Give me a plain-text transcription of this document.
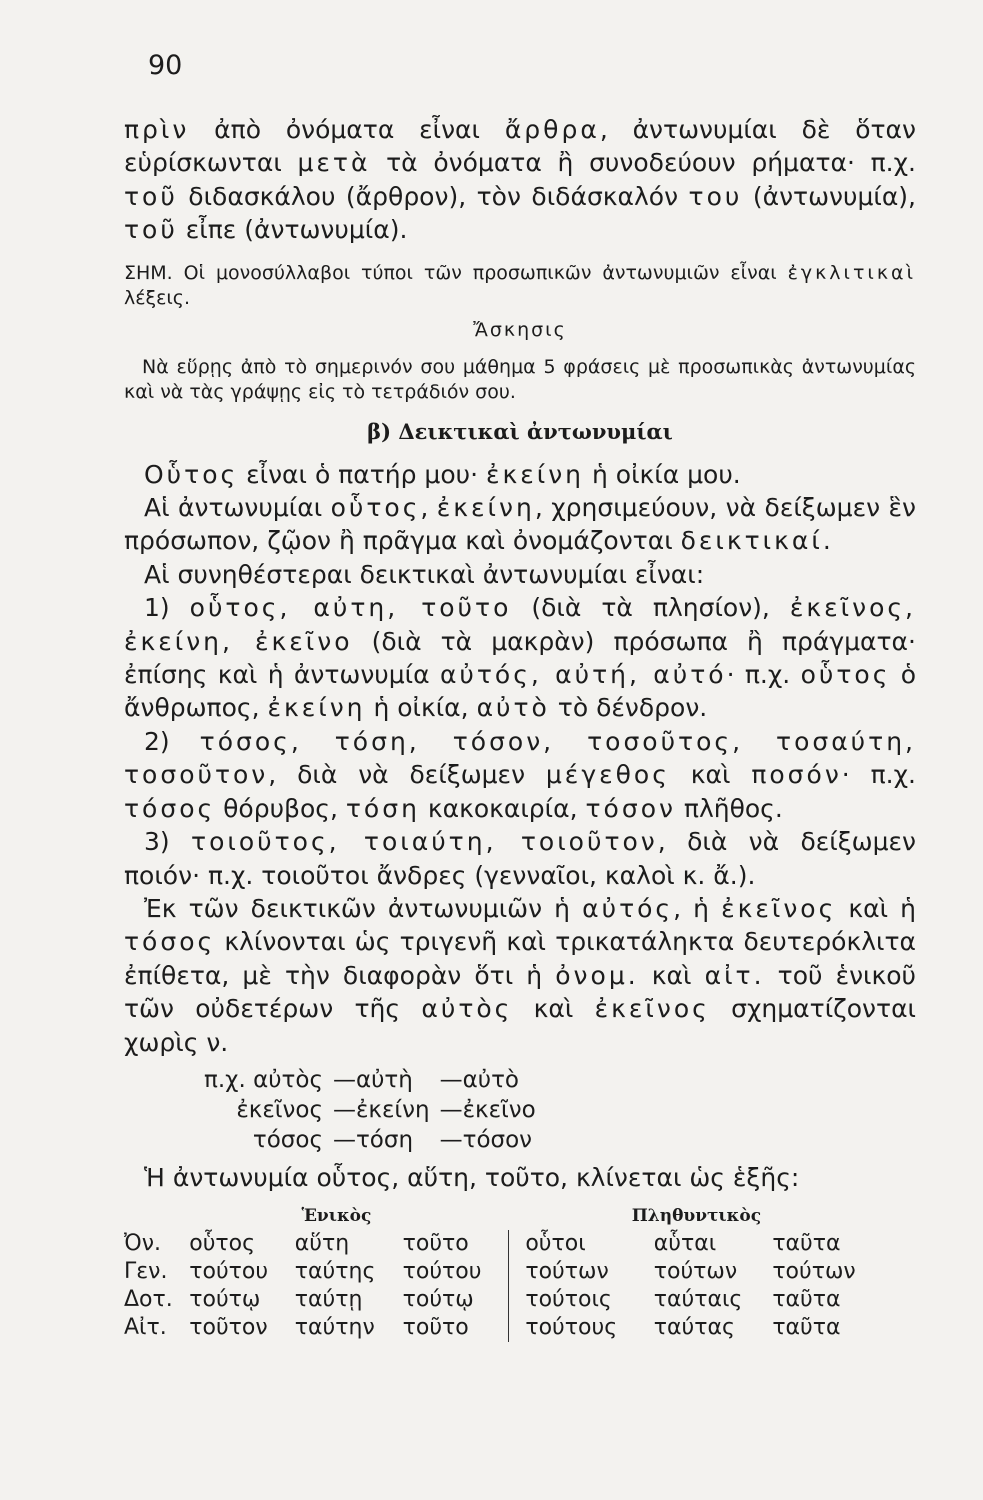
90

πρὶν ἀπὸ ὀνόματα εἶναι ἄρθρα, ἀντωνυμίαι δὲ ὅταν εὑρίσκωνται μετὰ τὰ ὀνόματα ἢ συνοδεύουν ρήματα· π.χ. τοῦ διδασκάλου (ἄρθρον), τὸν διδάσκαλόν του (ἀντωνυμία), τοῦ εἶπε (ἀντωνυμία).

ΣΗΜ. Οἱ μονοσύλλαβοι τύποι τῶν προσωπικῶν ἀντωνυμιῶν εἶναι ἐγκλιτικαὶ λέξεις.

Ἄσκησις

Νὰ εὕρῃς ἀπὸ τὸ σημερινόν σου μάθημα 5 φράσεις μὲ προσωπικὰς ἀντωνυμίας καὶ νὰ τὰς γράψῃς εἰς τὸ τετράδιόν σου.

β) Δεικτικαὶ ἀντωνυμίαι

Οὗτος εἶναι ὁ πατήρ μου· ἐκείνη ἡ οἰκία μου.

Αἱ ἀντωνυμίαι οὗτος, ἐκείνη, χρησιμεύουν, νὰ δείξωμεν ἓν πρόσωπον, ζῷον ἢ πρᾶγμα καὶ ὀνομάζονται δεικτικαί.

Αἱ συνηθέστεραι δεικτικαὶ ἀντωνυμίαι εἶναι:

1) οὗτος, αὐτη, τοῦτο (διὰ τὰ πλησίον), ἐκεῖνος, ἐκείνη, ἐκεῖνο (διὰ τὰ μακρὰν) πρόσωπα ἢ πράγματα· ἐπίσης καὶ ἡ ἀντωνυμία αὐτός, αὐτή, αὐτό· π.χ. οὗτος ὁ ἄνθρωπος, ἐκείνη ἡ οἰκία, αὐτὸ τὸ δένδρον.

2) τόσος, τόση, τόσον, τοσοῦτος, τοσαύτη, τοσοῦτον, διὰ νὰ δείξωμεν μέγεθος καὶ ποσόν· π.χ. τόσος θόρυβος, τόση κακοκαιρία, τόσον πλῆθος.

3) τοιοῦτος, τοιαύτη, τοιοῦτον, διὰ νὰ δείξωμεν ποιόν· π.χ. τοιοῦτοι ἄνδρες (γενναῖοι, καλοὶ κ. ἄ.).

Ἐκ τῶν δεικτικῶν ἀντωνυμιῶν ἡ αὐτός, ἡ ἐκεῖνος καὶ ἡ τόσος κλίνονται ὡς τριγενῆ καὶ τρικατάληκτα δευτερόκλιτα ἐπίθετα, μὲ τὴν διαφορὰν ὅτι ἡ ὀνομ. καὶ αἰτ. τοῦ ἑνικοῦ τῶν οὐδετέρων τῆς αὐτὸς καὶ ἐκεῖνος σχηματίζονται χωρὶς ν.

π.χ. αὐτὸς	—αὐτὴ	—αὐτὸ
ἐκεῖνος	—ἐκείνη	—ἐκεῖνο
τόσος	—τόση	—τόσον

Ἡ ἀντωνυμία οὗτος, αὕτη, τοῦτο, κλίνεται ὡς ἑξῆς:

Ἑνικὸς				Πληθυντικὸς		
Ὀν.	οὗτος	αὕτη	τοῦτο	οὗτοι	αὗται	ταῦτα
Γεν.	τούτου	ταύτης	τούτου	τούτων	τούτων	τούτων
Δοτ.	τούτῳ	ταύτῃ	τούτῳ	τούτοις	ταύταις	ταῦτα
Αἰτ.	τοῦτον	ταύτην	τοῦτο	τούτους	ταύτας	ταῦτα
